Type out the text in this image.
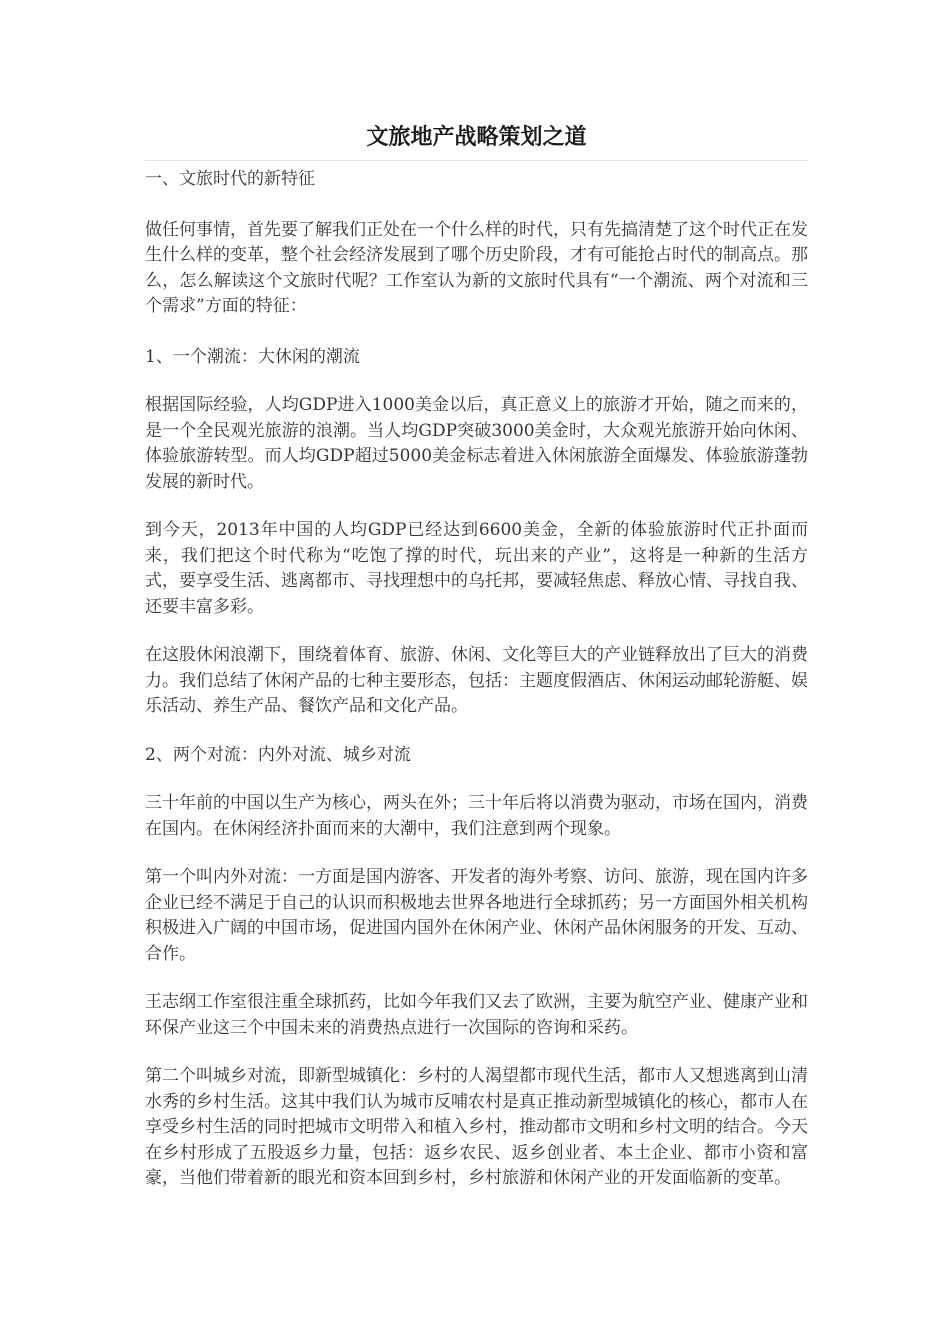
文旅地产战略策划之道

一、文旅时代的新特征

做任何事情，首先要了解我们正处在一个什么样的时代，只有先搞清楚了这个时代正在发生什么样的变革，整个社会经济发展到了哪个历史阶段，才有可能抢占时代的制高点。那么，怎么解读这个文旅时代呢？工作室认为新的文旅时代具有“一个潮流、两个对流和三个需求”方面的特征：

1、一个潮流：大休闲的潮流

根据国际经验，人均GDP进入1000美金以后，真正意义上的旅游才开始，随之而来的，是一个全民观光旅游的浪潮。当人均GDP突破3000美金时，大众观光旅游开始向休闲、体验旅游转型。而人均GDP超过5000美金标志着进入休闲旅游全面爆发、体验旅游蓬勃发展的新时代。

到今天，2013年中国的人均GDP已经达到6600美金，全新的体验旅游时代正扑面而来，我们把这个时代称为“吃饱了撑的时代，玩出来的产业”，这将是一种新的生活方式，要享受生活、逃离都市、寻找理想中的乌托邦，要减轻焦虑、释放心情、寻找自我、还要丰富多彩。

在这股休闲浪潮下，围绕着体育、旅游、休闲、文化等巨大的产业链释放出了巨大的消费力。我们总结了休闲产品的七种主要形态，包括：主题度假酒店、休闲运动邮轮游艇、娱乐活动、养生产品、餐饮产品和文化产品。

2、两个对流：内外对流、城乡对流

三十年前的中国以生产为核心，两头在外；三十年后将以消费为驱动，市场在国内，消费在国内。在休闲经济扑面而来的大潮中，我们注意到两个现象。

第一个叫内外对流：一方面是国内游客、开发者的海外考察、访问、旅游，现在国内许多企业已经不满足于自己的认识而积极地去世界各地进行全球抓药；另一方面国外相关机构积极进入广阔的中国市场，促进国内国外在休闲产业、休闲产品休闲服务的开发、互动、合作。

王志纲工作室很注重全球抓药，比如今年我们又去了欧洲，主要为航空产业、健康产业和环保产业这三个中国未来的消费热点进行一次国际的咨询和采药。

第二个叫城乡对流，即新型城镇化：乡村的人渴望都市现代生活，都市人又想逃离到山清水秀的乡村生活。这其中我们认为城市反哺农村是真正推动新型城镇化的核心，都市人在享受乡村生活的同时把城市文明带入和植入乡村，推动都市文明和乡村文明的结合。今天在乡村形成了五股返乡力量，包括：返乡农民、返乡创业者、本土企业、都市小资和富豪，当他们带着新的眼光和资本回到乡村，乡村旅游和休闲产业的开发面临新的变革。
